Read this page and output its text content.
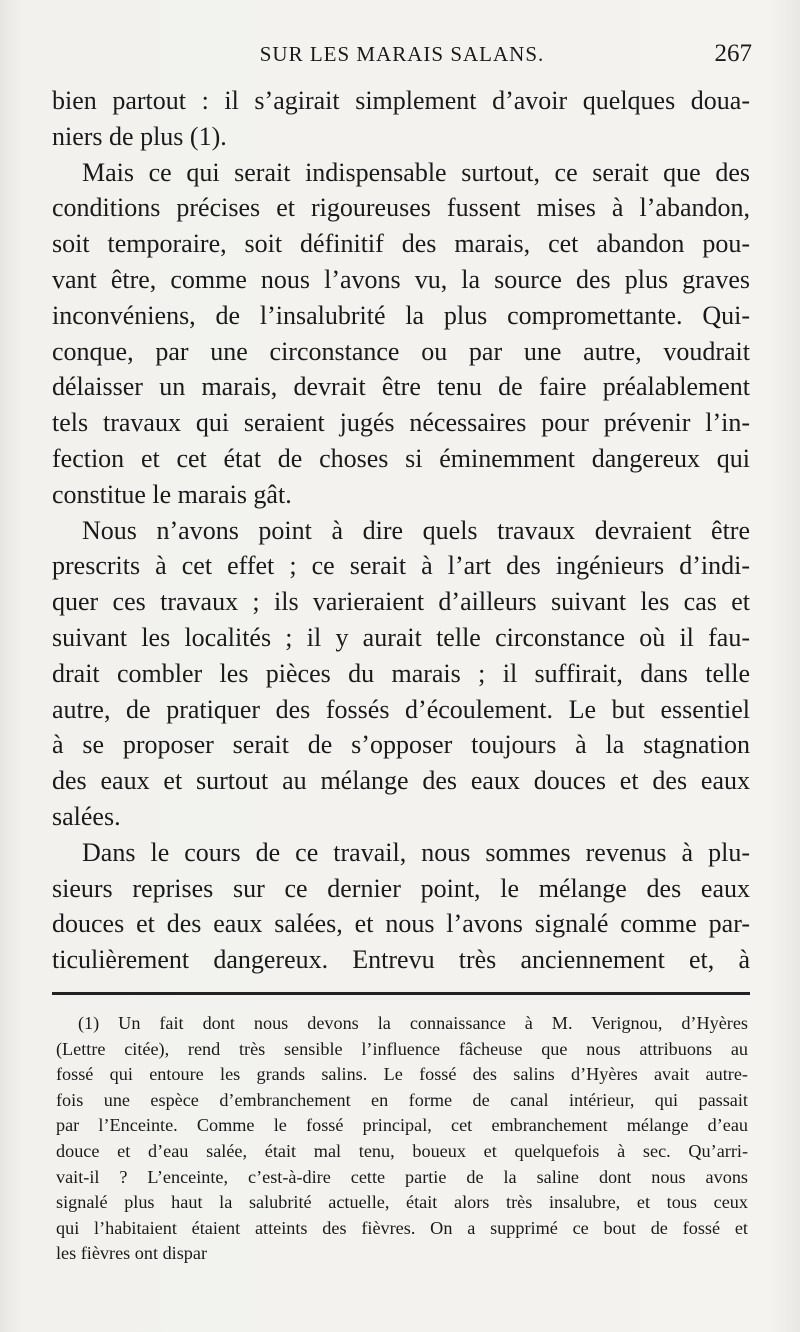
SUR LES MARAIS SALANS.	267
bien partout : il s’agirait simplement d’avoir quelques doua-
niers de plus (1).
Mais ce qui serait indispensable surtout, ce serait que des
conditions précises et rigoureuses fussent mises à l’abandon,
soit temporaire, soit définitif des marais, cet abandon pou-
vant être, comme nous l’avons vu, la source des plus graves
inconvéniens, de l’insalubrité la plus compromettante. Qui-
conque, par une circonstance ou par une autre, voudrait
délaisser un marais, devrait être tenu de faire préalablement
tels travaux qui seraient jugés nécessaires pour prévenir l’in-
fection et cet état de choses si éminemment dangereux qui
constitue le marais gât.
Nous n’avons point à dire quels travaux devraient être
prescrits à cet effet ; ce serait à l’art des ingénieurs d’indi-
quer ces travaux ; ils varieraient d’ailleurs suivant les cas et
suivant les localités ; il y aurait telle circonstance où il fau-
drait combler les pièces du marais ; il suffirait, dans telle
autre, de pratiquer des fossés d’écoulement. Le but essentiel
à se proposer serait de s’opposer toujours à la stagnation
des eaux et surtout au mélange des eaux douces et des eaux
salées.
Dans le cours de ce travail, nous sommes revenus à plu-
sieurs reprises sur ce dernier point, le mélange des eaux
douces et des eaux salées, et nous l’avons signalé comme par-
ticulièrement dangereux. Entrevu très anciennement et, à
(1) Un fait dont nous devons la connaissance à M. Verignou, d’Hyères
(Lettre citée), rend très sensible l’influence fâcheuse que nous attribuons au
fossé qui entoure les grands salins. Le fossé des salins d’Hyères avait autre-
fois une espèce d’embranchement en forme de canal intérieur, qui passait
par l’Enceinte. Comme le fossé principal, cet embranchement mélange d’eau
douce et d’eau salée, était mal tenu, boueux et quelquefois à sec. Qu’arri-
vait-il ? L’enceinte, c’est-à-dire cette partie de la saline dont nous avons
signalé plus haut la salubrité actuelle, était alors très insalubre, et tous ceux
qui l’habitaient étaient atteints des fièvres. On a supprimé ce bout de fossé et
les fièvres ont dispar
